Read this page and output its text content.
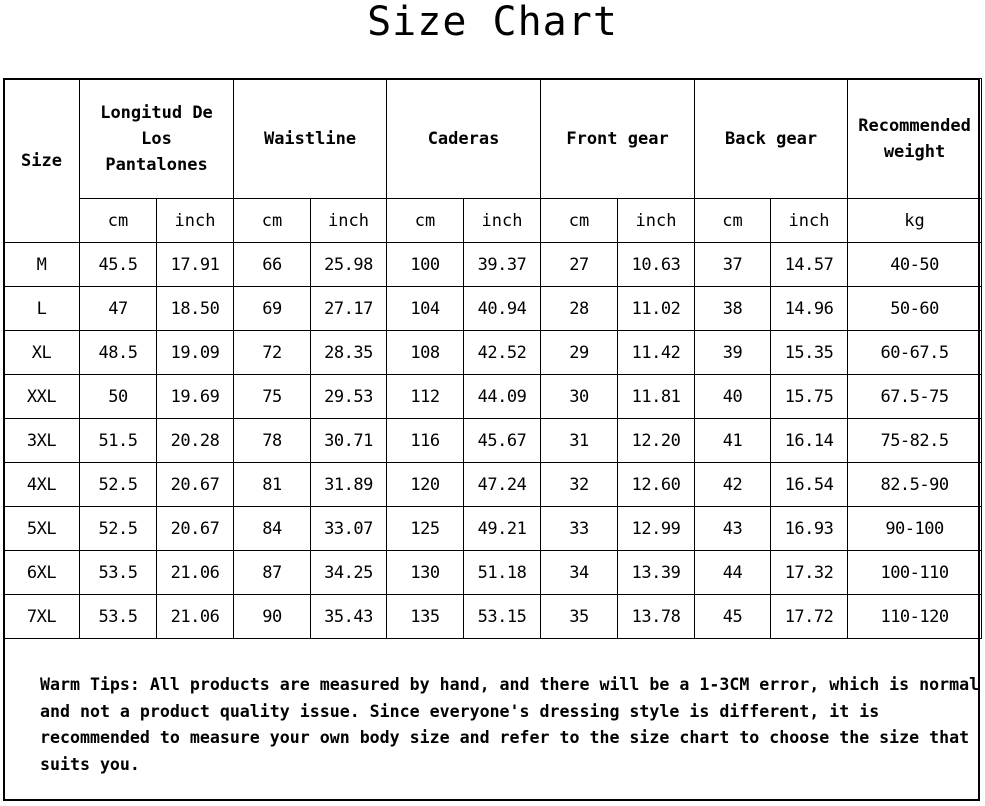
Size Chart
Size	Longitud De Los Pantalones		Waistline		Caderas		Front gear		Back gear		Recommended weight
	cm	inch	cm	inch	cm	inch	cm	inch	cm	inch	kg
M	45.5	17.91	66	25.98	100	39.37	27	10.63	37	14.57	40-50
L	47	18.50	69	27.17	104	40.94	28	11.02	38	14.96	50-60
XL	48.5	19.09	72	28.35	108	42.52	29	11.42	39	15.35	60-67.5
XXL	50	19.69	75	29.53	112	44.09	30	11.81	40	15.75	67.5-75
3XL	51.5	20.28	78	30.71	116	45.67	31	12.20	41	16.14	75-82.5
4XL	52.5	20.67	81	31.89	120	47.24	32	12.60	42	16.54	82.5-90
5XL	52.5	20.67	84	33.07	125	49.21	33	12.99	43	16.93	90-100
6XL	53.5	21.06	87	34.25	130	51.18	34	13.39	44	17.32	100-110
7XL	53.5	21.06	90	35.43	135	53.15	35	13.78	45	17.72	110-120
Warm Tips: All products are measured by hand, and there will be a 1-3CM error, which is normal and not a product quality issue. Since everyone's dressing style is different, it is recommended to measure your own body size and refer to the size chart to choose the size that suits you.
